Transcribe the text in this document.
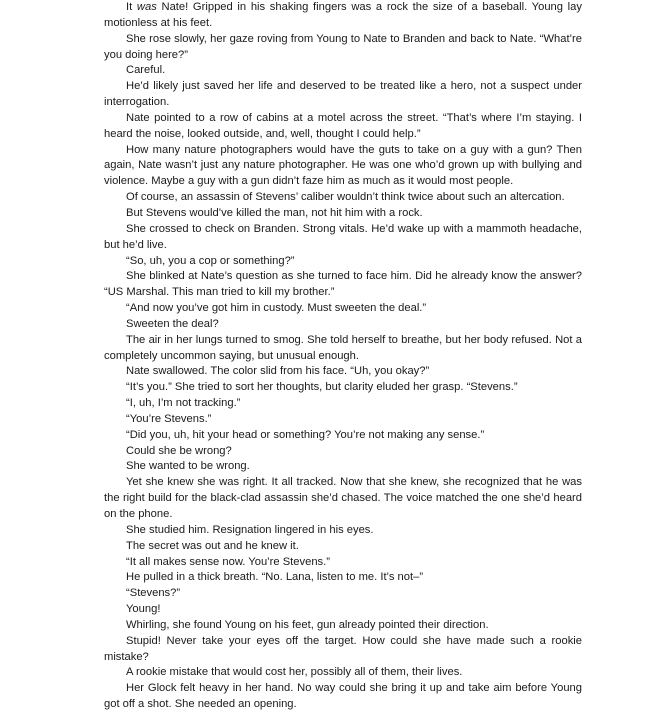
It was Nate! Gripped in his shaking fingers was a rock the size of a baseball. Young lay motionless at his feet.

She rose slowly, her gaze roving from Young to Nate to Branden and back to Nate. “What’re you doing here?”

Careful.

He’d likely just saved her life and deserved to be treated like a hero, not a suspect under interrogation.

Nate pointed to a row of cabins at a motel across the street. “That’s where I’m staying. I heard the noise, looked outside, and, well, thought I could help.”

How many nature photographers would have the guts to take on a guy with a gun? Then again, Nate wasn’t just any nature photographer. He was one who’d grown up with bullying and violence. Maybe a guy with a gun didn’t faze him as much as it would most people.

Of course, an assassin of Stevens’ caliber wouldn’t think twice about such an altercation.

But Stevens would’ve killed the man, not hit him with a rock.

She crossed to check on Branden. Strong vitals. He’d wake up with a mammoth headache, but he’d live.

“So, uh, you a cop or something?”

She blinked at Nate’s question as she turned to face him. Did he already know the answer? “US Marshal. This man tried to kill my brother.”

“And now you’ve got him in custody. Must sweeten the deal.”

Sweeten the deal?

The air in her lungs turned to smog. She told herself to breathe, but her body refused. Not a completely uncommon saying, but unusual enough.

Nate swallowed. The color slid from his face. “Uh, you okay?”

“It’s you.” She tried to sort her thoughts, but clarity eluded her grasp. “Stevens.”

“I, uh, I’m not tracking.”

“You’re Stevens.”

“Did you, uh, hit your head or something? You’re not making any sense.”

Could she be wrong?

She wanted to be wrong.

Yet she knew she was right. It all tracked. Now that she knew, she recognized that he was the right build for the black-clad assassin she’d chased. The voice matched the one she’d heard on the phone.

She studied him. Resignation lingered in his eyes.

The secret was out and he knew it.

“It all makes sense now. You’re Stevens.”

He pulled in a thick breath. “No. Lana, listen to me. It’s not–”

“Stevens?”

Young!

Whirling, she found Young on his feet, gun already pointed their direction.

Stupid! Never take your eyes off the target. How could she have made such a rookie mistake?

A rookie mistake that would cost her, possibly all of them, their lives.

Her Glock felt heavy in her hand. No way could she bring it up and take aim before Young got off a shot. She needed an opening.
